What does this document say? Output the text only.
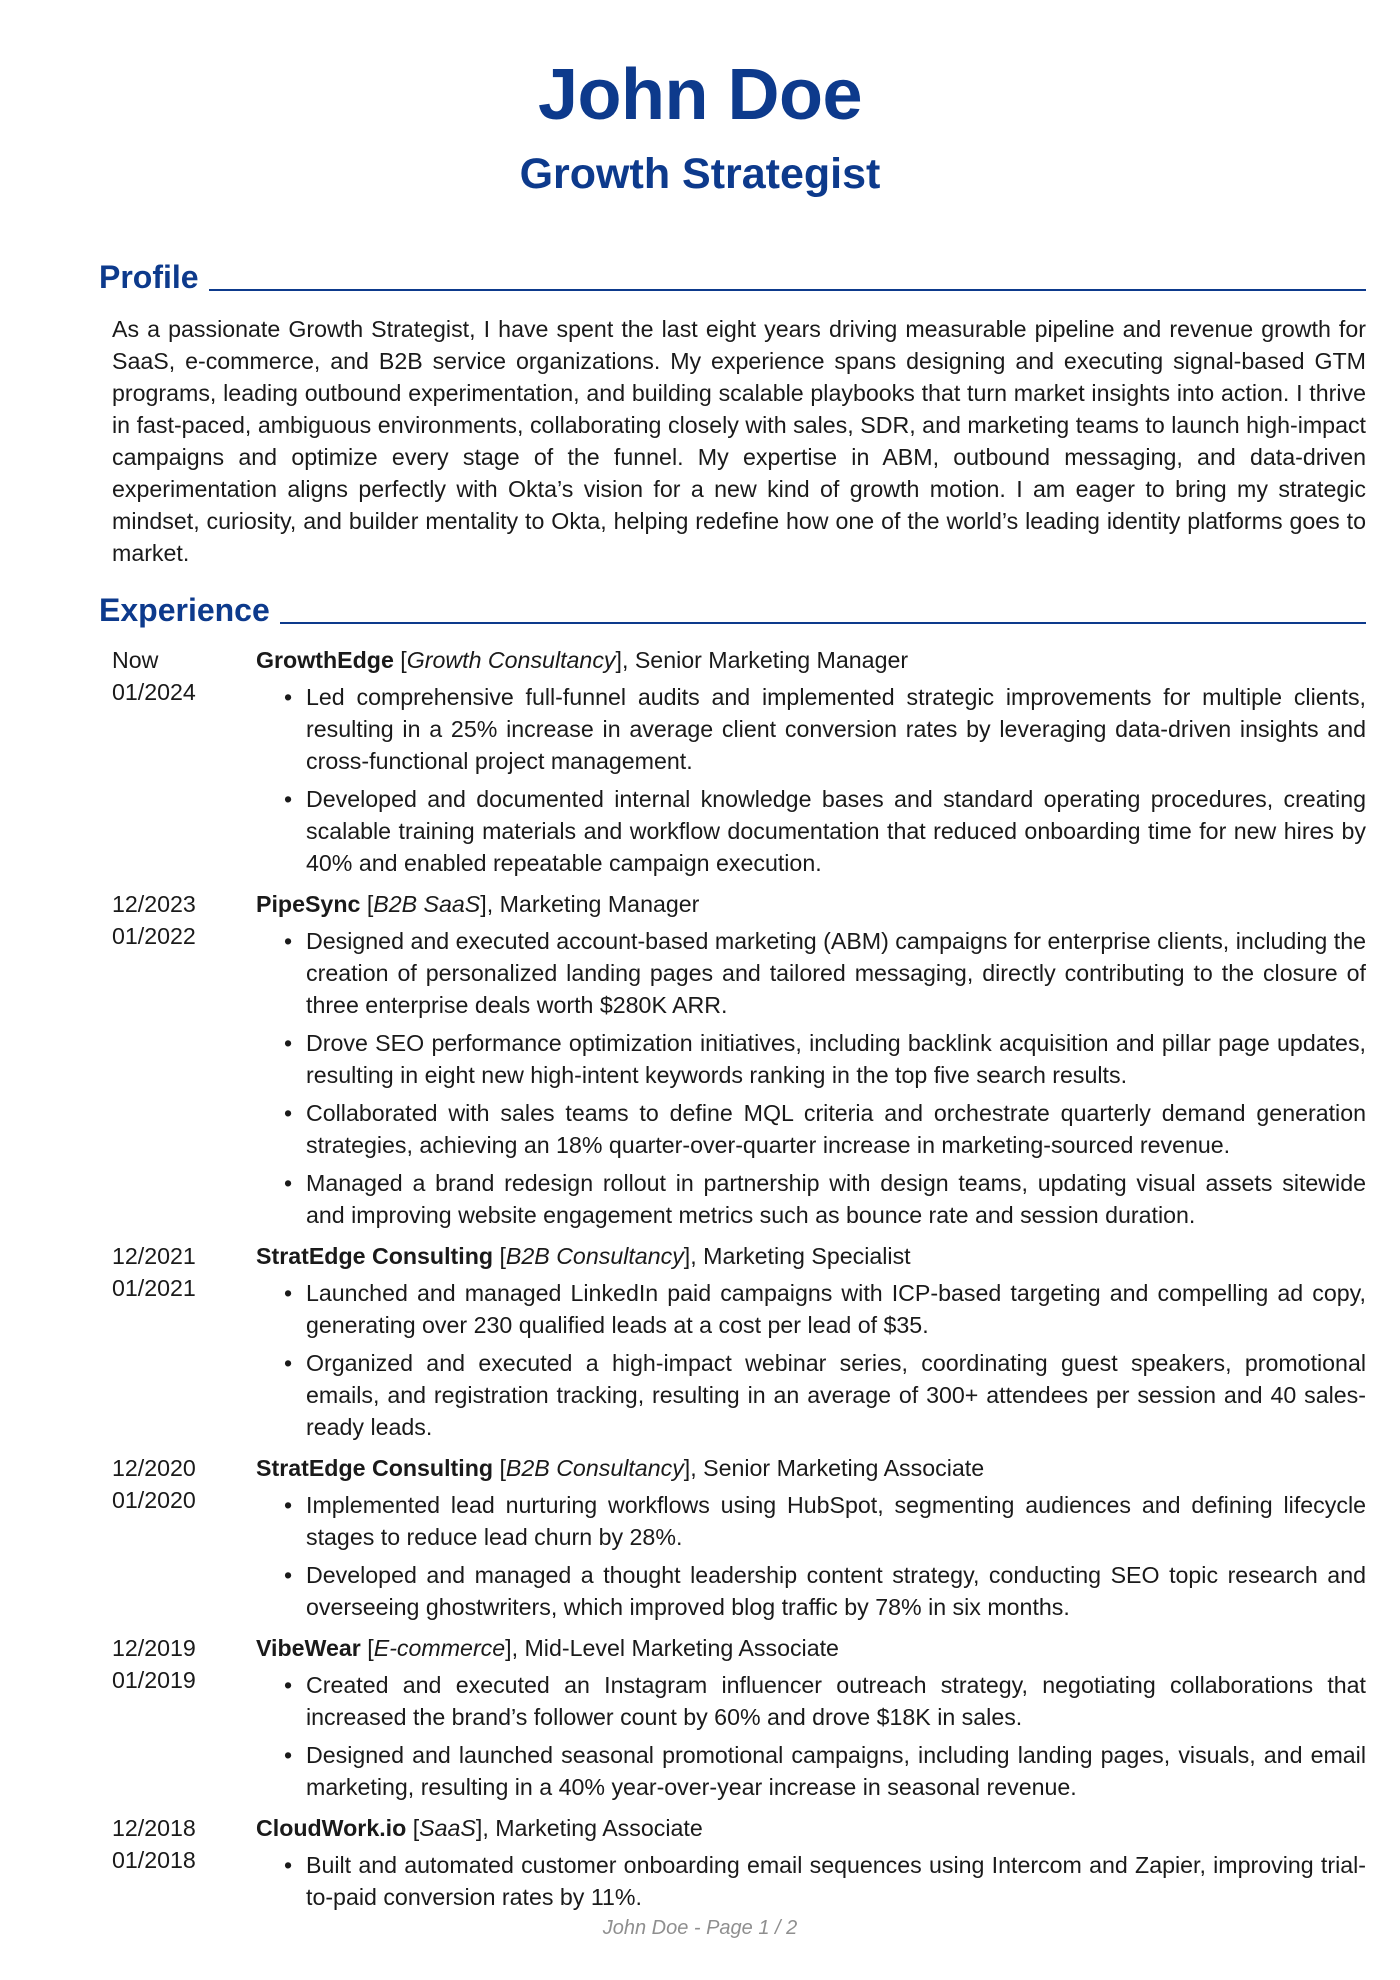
John Doe
Growth Strategist
Profile
As a passionate Growth Strategist, I have spent the last eight years driving measurable pipeline and revenue growth for SaaS, e-commerce, and B2B service organizations. My experience spans designing and executing signal-based GTM programs, leading outbound experimentation, and building scalable playbooks that turn market insights into action. I thrive in fast-paced, ambiguous environments, collaborating closely with sales, SDR, and marketing teams to launch high-impact campaigns and optimize every stage of the funnel. My expertise in ABM, outbound messaging, and data-driven experimentation aligns perfectly with Okta’s vision for a new kind of growth motion. I am eager to bring my strategic mindset, curiosity, and builder mentality to Okta, helping redefine how one of the world’s leading identity platforms goes to market.
Experience
Now
01/2024
GrowthEdge [Growth Consultancy], Senior Marketing Manager
• Led comprehensive full-funnel audits and implemented strategic improvements for multiple clients, resulting in a 25% increase in average client conversion rates by leveraging data-driven insights and cross-functional project management.
• Developed and documented internal knowledge bases and standard operating procedures, creating scalable training materials and workflow documentation that reduced onboarding time for new hires by 40% and enabled repeatable campaign execution.
12/2023
01/2022
PipeSync [B2B SaaS], Marketing Manager
• Designed and executed account-based marketing (ABM) campaigns for enterprise clients, including the creation of personalized landing pages and tailored messaging, directly contributing to the closure of three enterprise deals worth $280K ARR.
• Drove SEO performance optimization initiatives, including backlink acquisition and pillar page updates, resulting in eight new high-intent keywords ranking in the top five search results.
• Collaborated with sales teams to define MQL criteria and orchestrate quarterly demand generation strategies, achieving an 18% quarter-over-quarter increase in marketing-sourced revenue.
• Managed a brand redesign rollout in partnership with design teams, updating visual assets sitewide and improving website engagement metrics such as bounce rate and session duration.
12/2021
01/2021
StratEdge Consulting [B2B Consultancy], Marketing Specialist
• Launched and managed LinkedIn paid campaigns with ICP-based targeting and compelling ad copy, generating over 230 qualified leads at a cost per lead of $35.
• Organized and executed a high-impact webinar series, coordinating guest speakers, promotional emails, and registration tracking, resulting in an average of 300+ attendees per session and 40 sales-ready leads.
12/2020
01/2020
StratEdge Consulting [B2B Consultancy], Senior Marketing Associate
• Implemented lead nurturing workflows using HubSpot, segmenting audiences and defining lifecycle stages to reduce lead churn by 28%.
• Developed and managed a thought leadership content strategy, conducting SEO topic research and overseeing ghostwriters, which improved blog traffic by 78% in six months.
12/2019
01/2019
VibeWear [E-commerce], Mid-Level Marketing Associate
• Created and executed an Instagram influencer outreach strategy, negotiating collaborations that increased the brand’s follower count by 60% and drove $18K in sales.
• Designed and launched seasonal promotional campaigns, including landing pages, visuals, and email marketing, resulting in a 40% year-over-year increase in seasonal revenue.
12/2018
01/2018
CloudWork.io [SaaS], Marketing Associate
• Built and automated customer onboarding email sequences using Intercom and Zapier, improving trial-to-paid conversion rates by 11%.
John Doe - Page 1 / 2
